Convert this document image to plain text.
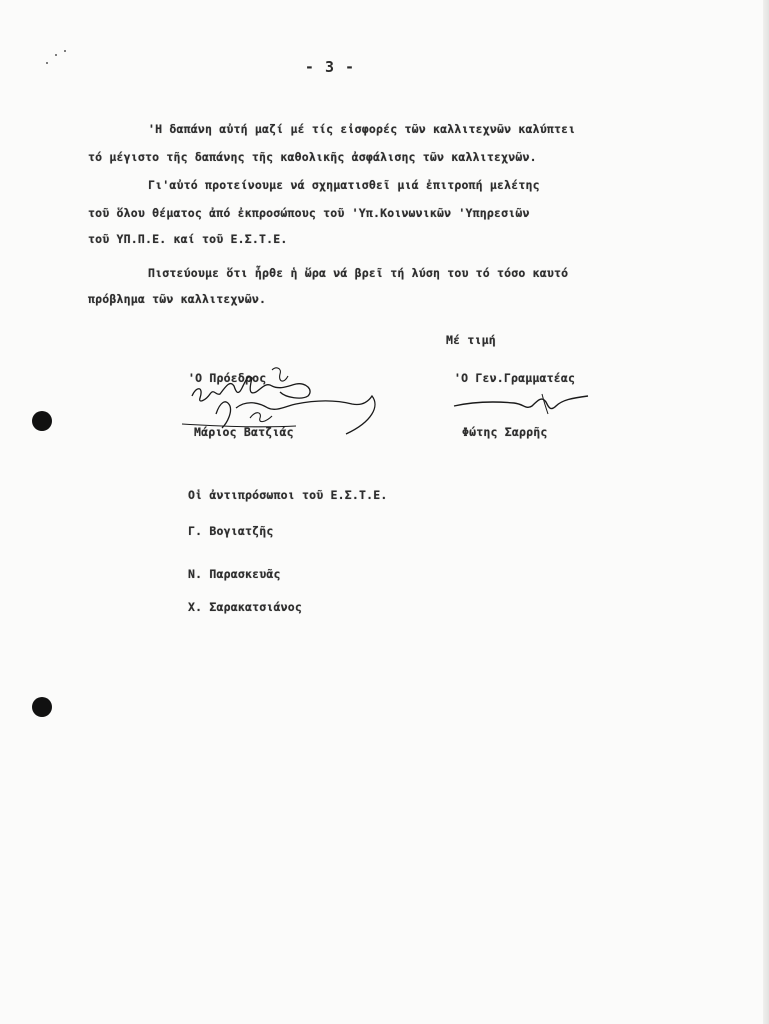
- 3 -
'Η δαπάνη αὐτή μαζί μέ τίς εἰσφορές τῶν καλλιτεχνῶν καλύπτει
τό μέγιστο τῆς δαπάνης τῆς καθολικῆς ἀσφάλισης τῶν καλλιτεχνῶν.
Γι'αὐτό προτείνουμε νά σχηματισθεῖ μιά ἐπιτροπή μελέτης
τοῦ ὅλου θέματος ἀπό ἐκπροσώπους τοῦ 'Υπ.Κοινωνικῶν 'Υπηρεσιῶν
τοῦ ΥΠ.Π.Ε. καί τοῦ Ε.Σ.Τ.Ε.
Πιστεύουμε ὅτι ἦρθε ἡ ὥρα νά βρεῖ τή λύση του τό τόσο καυτό
πρόβλημα τῶν καλλιτεχνῶν.
Μέ τιμή
'Ο Πρόεδρος
Μάριος Βατζιάς
'Ο Γεν.Γραμματέας
Φώτης Σαρρῆς
Οἱ ἀντιπρόσωποι τοῦ Ε.Σ.Τ.Ε.
Γ. Βογιατζῆς
Ν. Παρασκευᾶς
Χ. Σαρακατσιάνος
